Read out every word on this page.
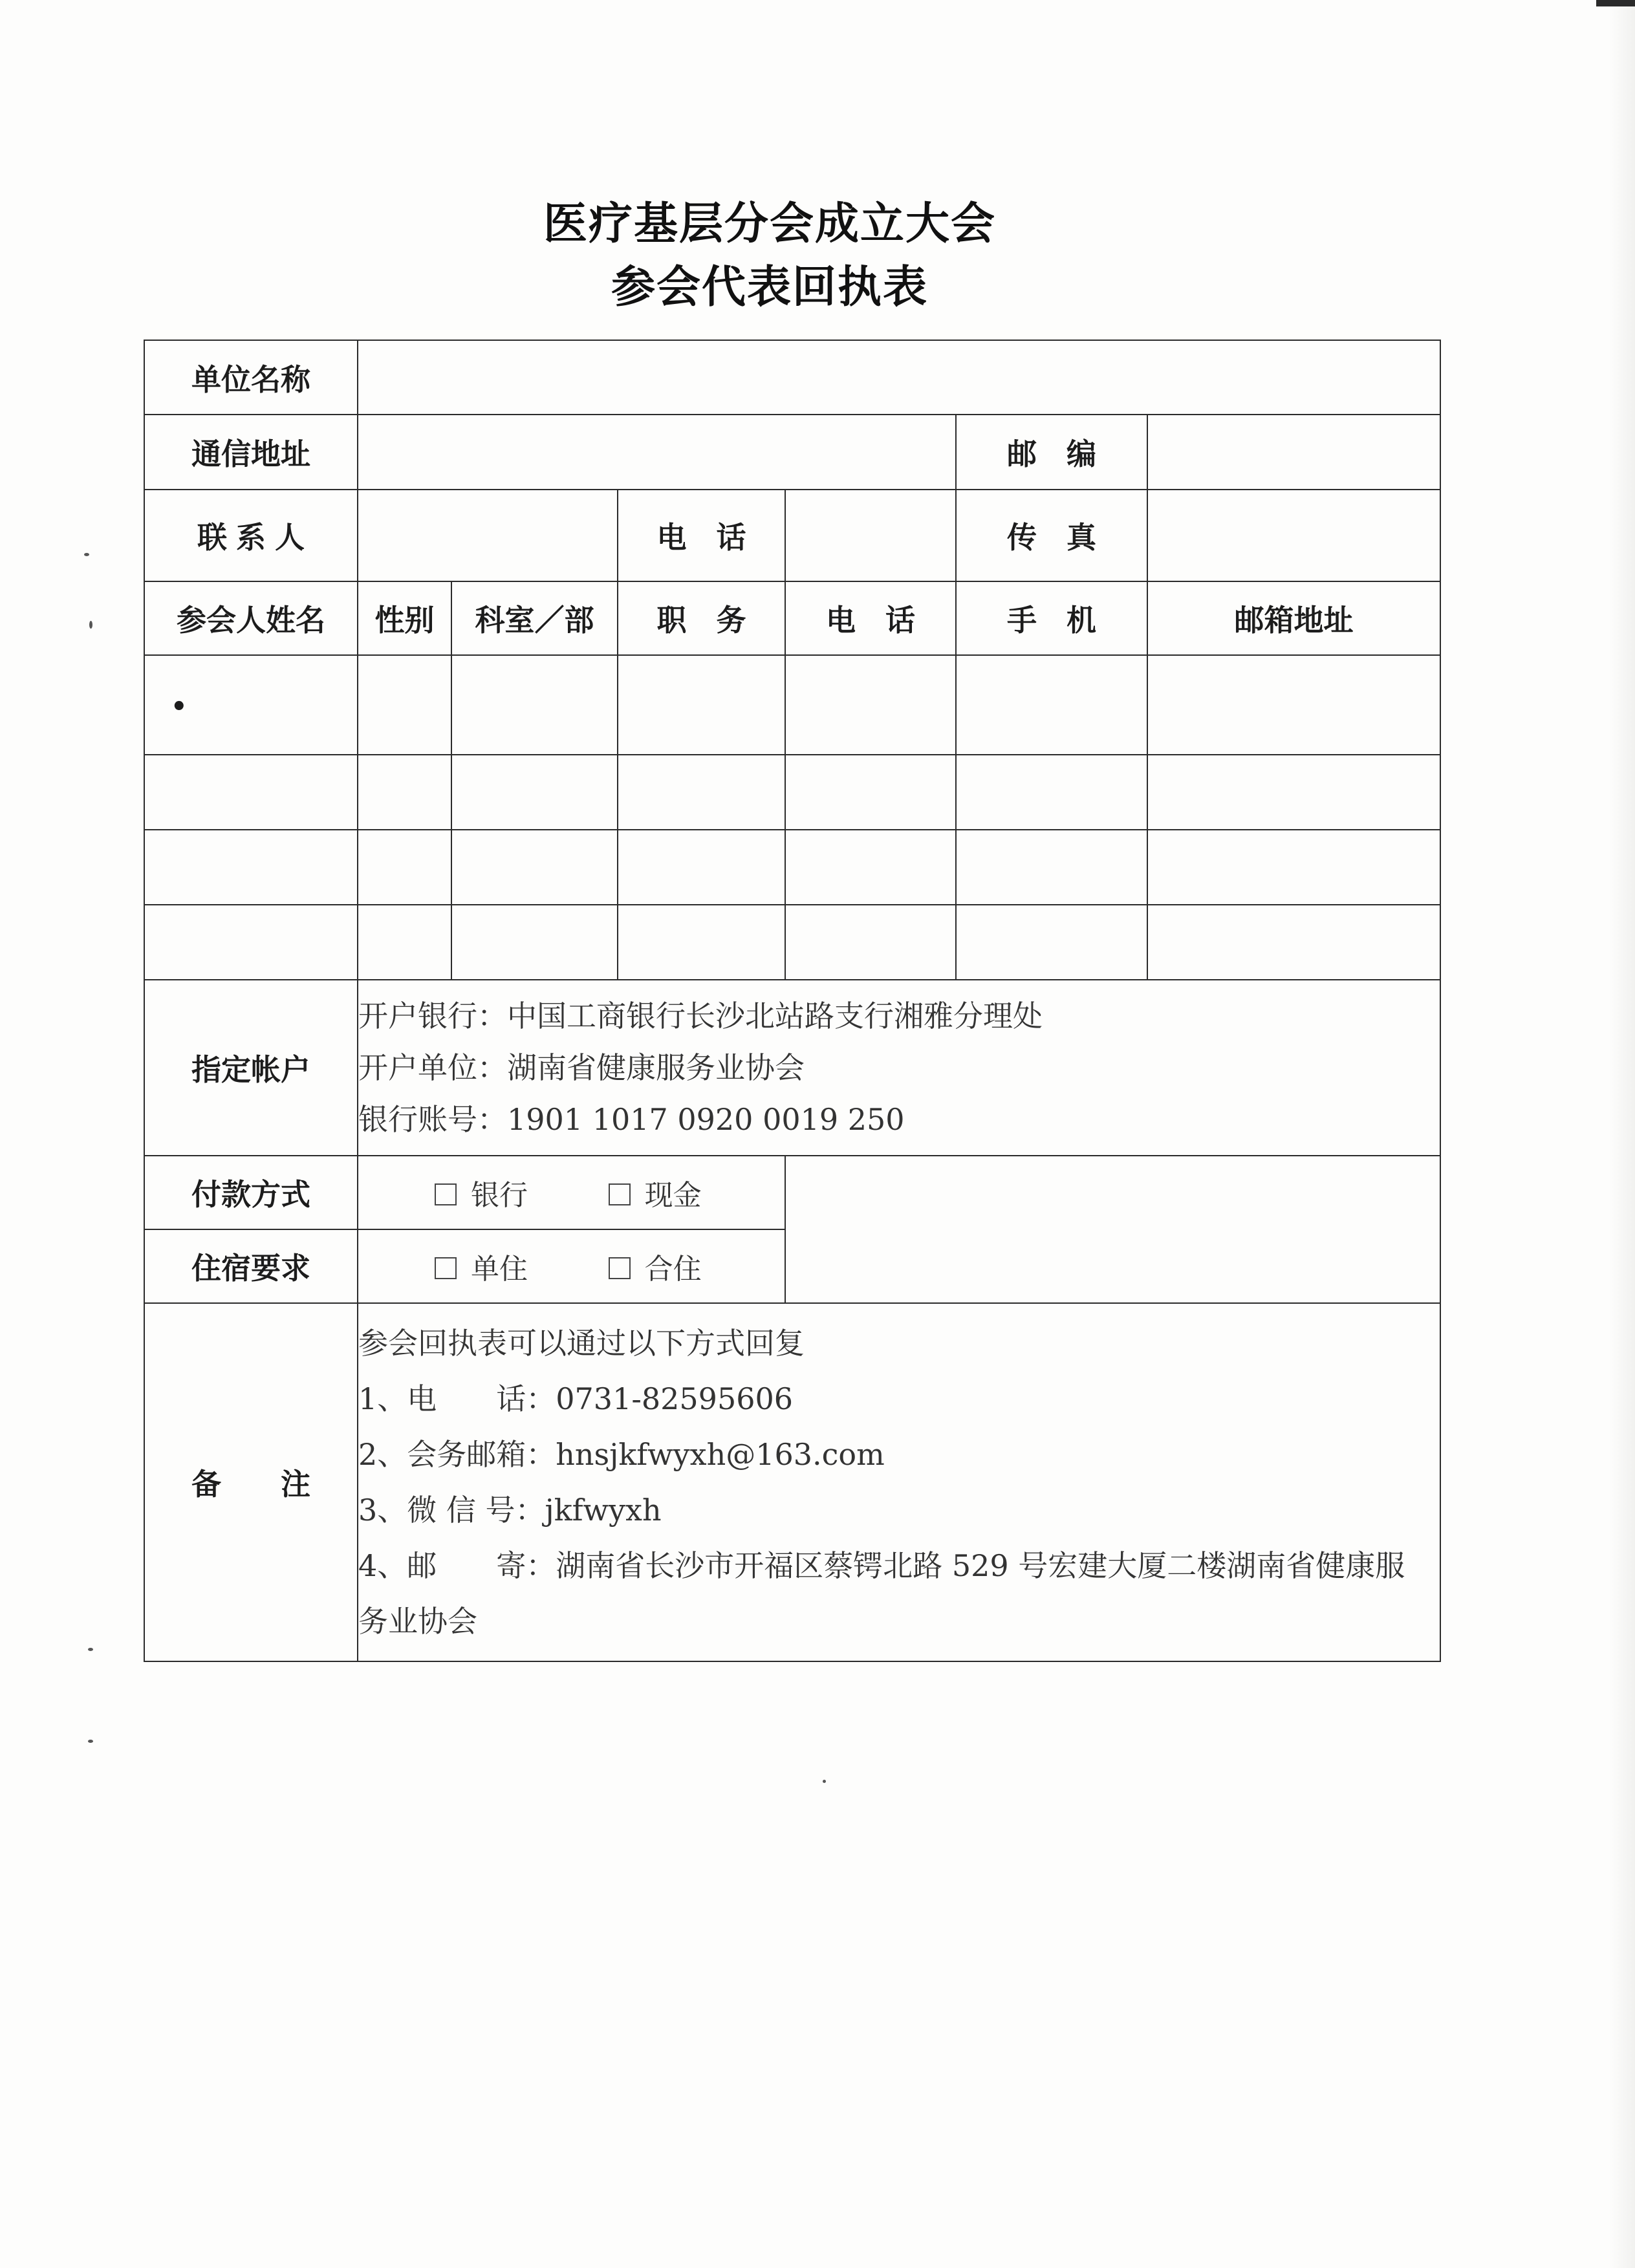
医疗基层分会成立大会
参会代表回执表
单位名称						
通信地址					邮　编	
联系人			电　话		传　真	
参会人姓名	性别	科室／部	职　务	电　话	手　机	邮箱地址
•						

指定帐户	开户银行：中国工商银行长沙北站路支行湘雅分理处
开户单位：湖南省健康服务业协会
银行账号：1901 1017 0920 0019 250					

付款方式	银行 现金					
住宿要求	单住 合住					
备　　注	参会回执表可以通过以下方式回复
1、电　　话：0731-82595606
2、会务邮箱：hnsjkfwyxh@163.com
3、微 信 号：jkfwyxh
4、邮　　寄：湖南省长沙市开福区蔡锷北路 529 号宏建大厦二楼湖南省健康服务业协会					
